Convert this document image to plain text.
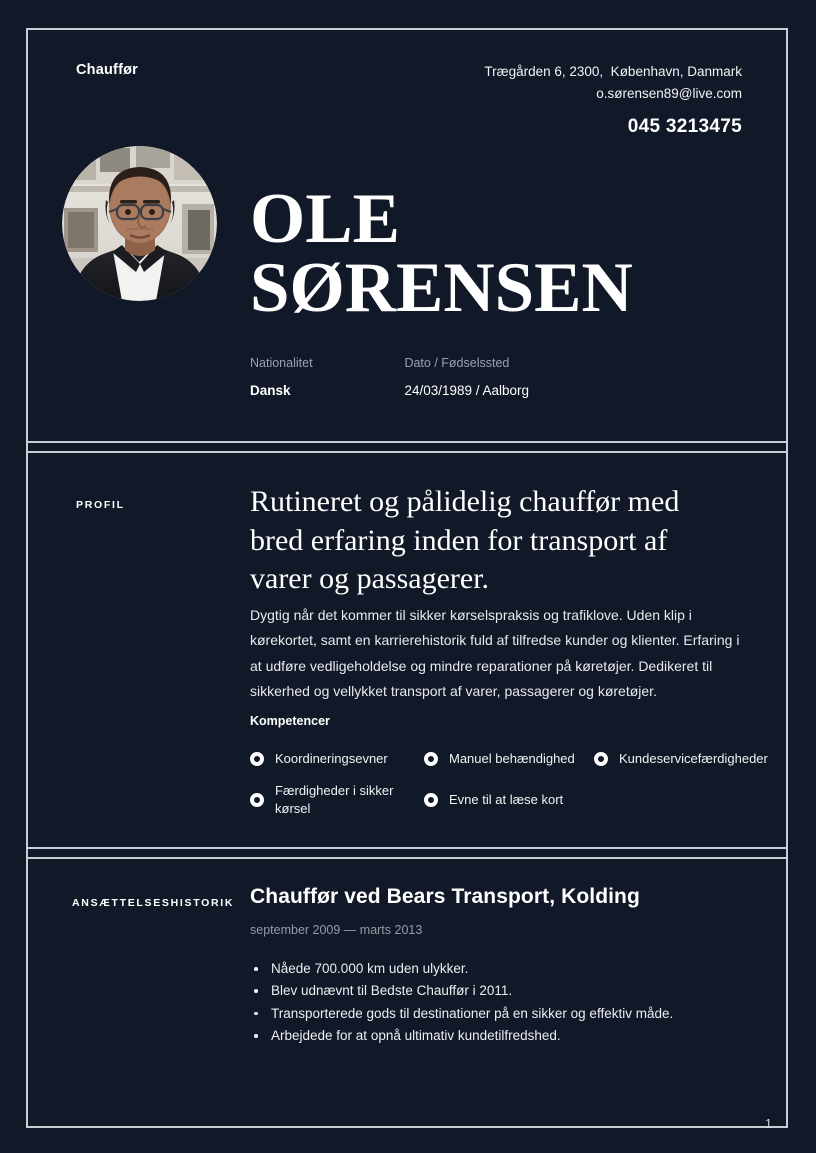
Chauffør	Trægården 6, 2300,  København, Danmark
o.sørensen89@live.com
045 3213475
OLE
SØRENSEN
Nationalitet
Dansk

Dato / Fødselssted
24/03/1989 / Aalborg
PROFIL	Rutineret og pålidelig chauffør med bred erfaring inden for transport af varer og passagerer.
Dygtig når det kommer til sikker kørselspraksis og trafiklove. Uden klip i kørekortet, samt en karrierehistorik fuld af tilfredse kunder og klienter. Erfaring i at udføre vedligeholdelse og mindre reparationer på køretøjer. Dedikeret til sikkerhed og vellykket transport af varer, passagerer og køretøjer.
Kompetencer
Koordineringsevner	Manuel behændighed	Kundeservicefærdigheder
Færdigheder i sikker kørsel
Evne til at læse kort
ANSÆTTELSESHISTORIK Chauffør ved Bears Transport, Kolding
september 2009 — marts 2013
Nåede 700.000 km uden ulykker.
Blev udnævnt til Bedste Chauffør i 2011.
Transporterede gods til destinationer på en sikker og effektiv måde.
Arbejdede for at opnå ultimativ kundetilfredshed.
1
